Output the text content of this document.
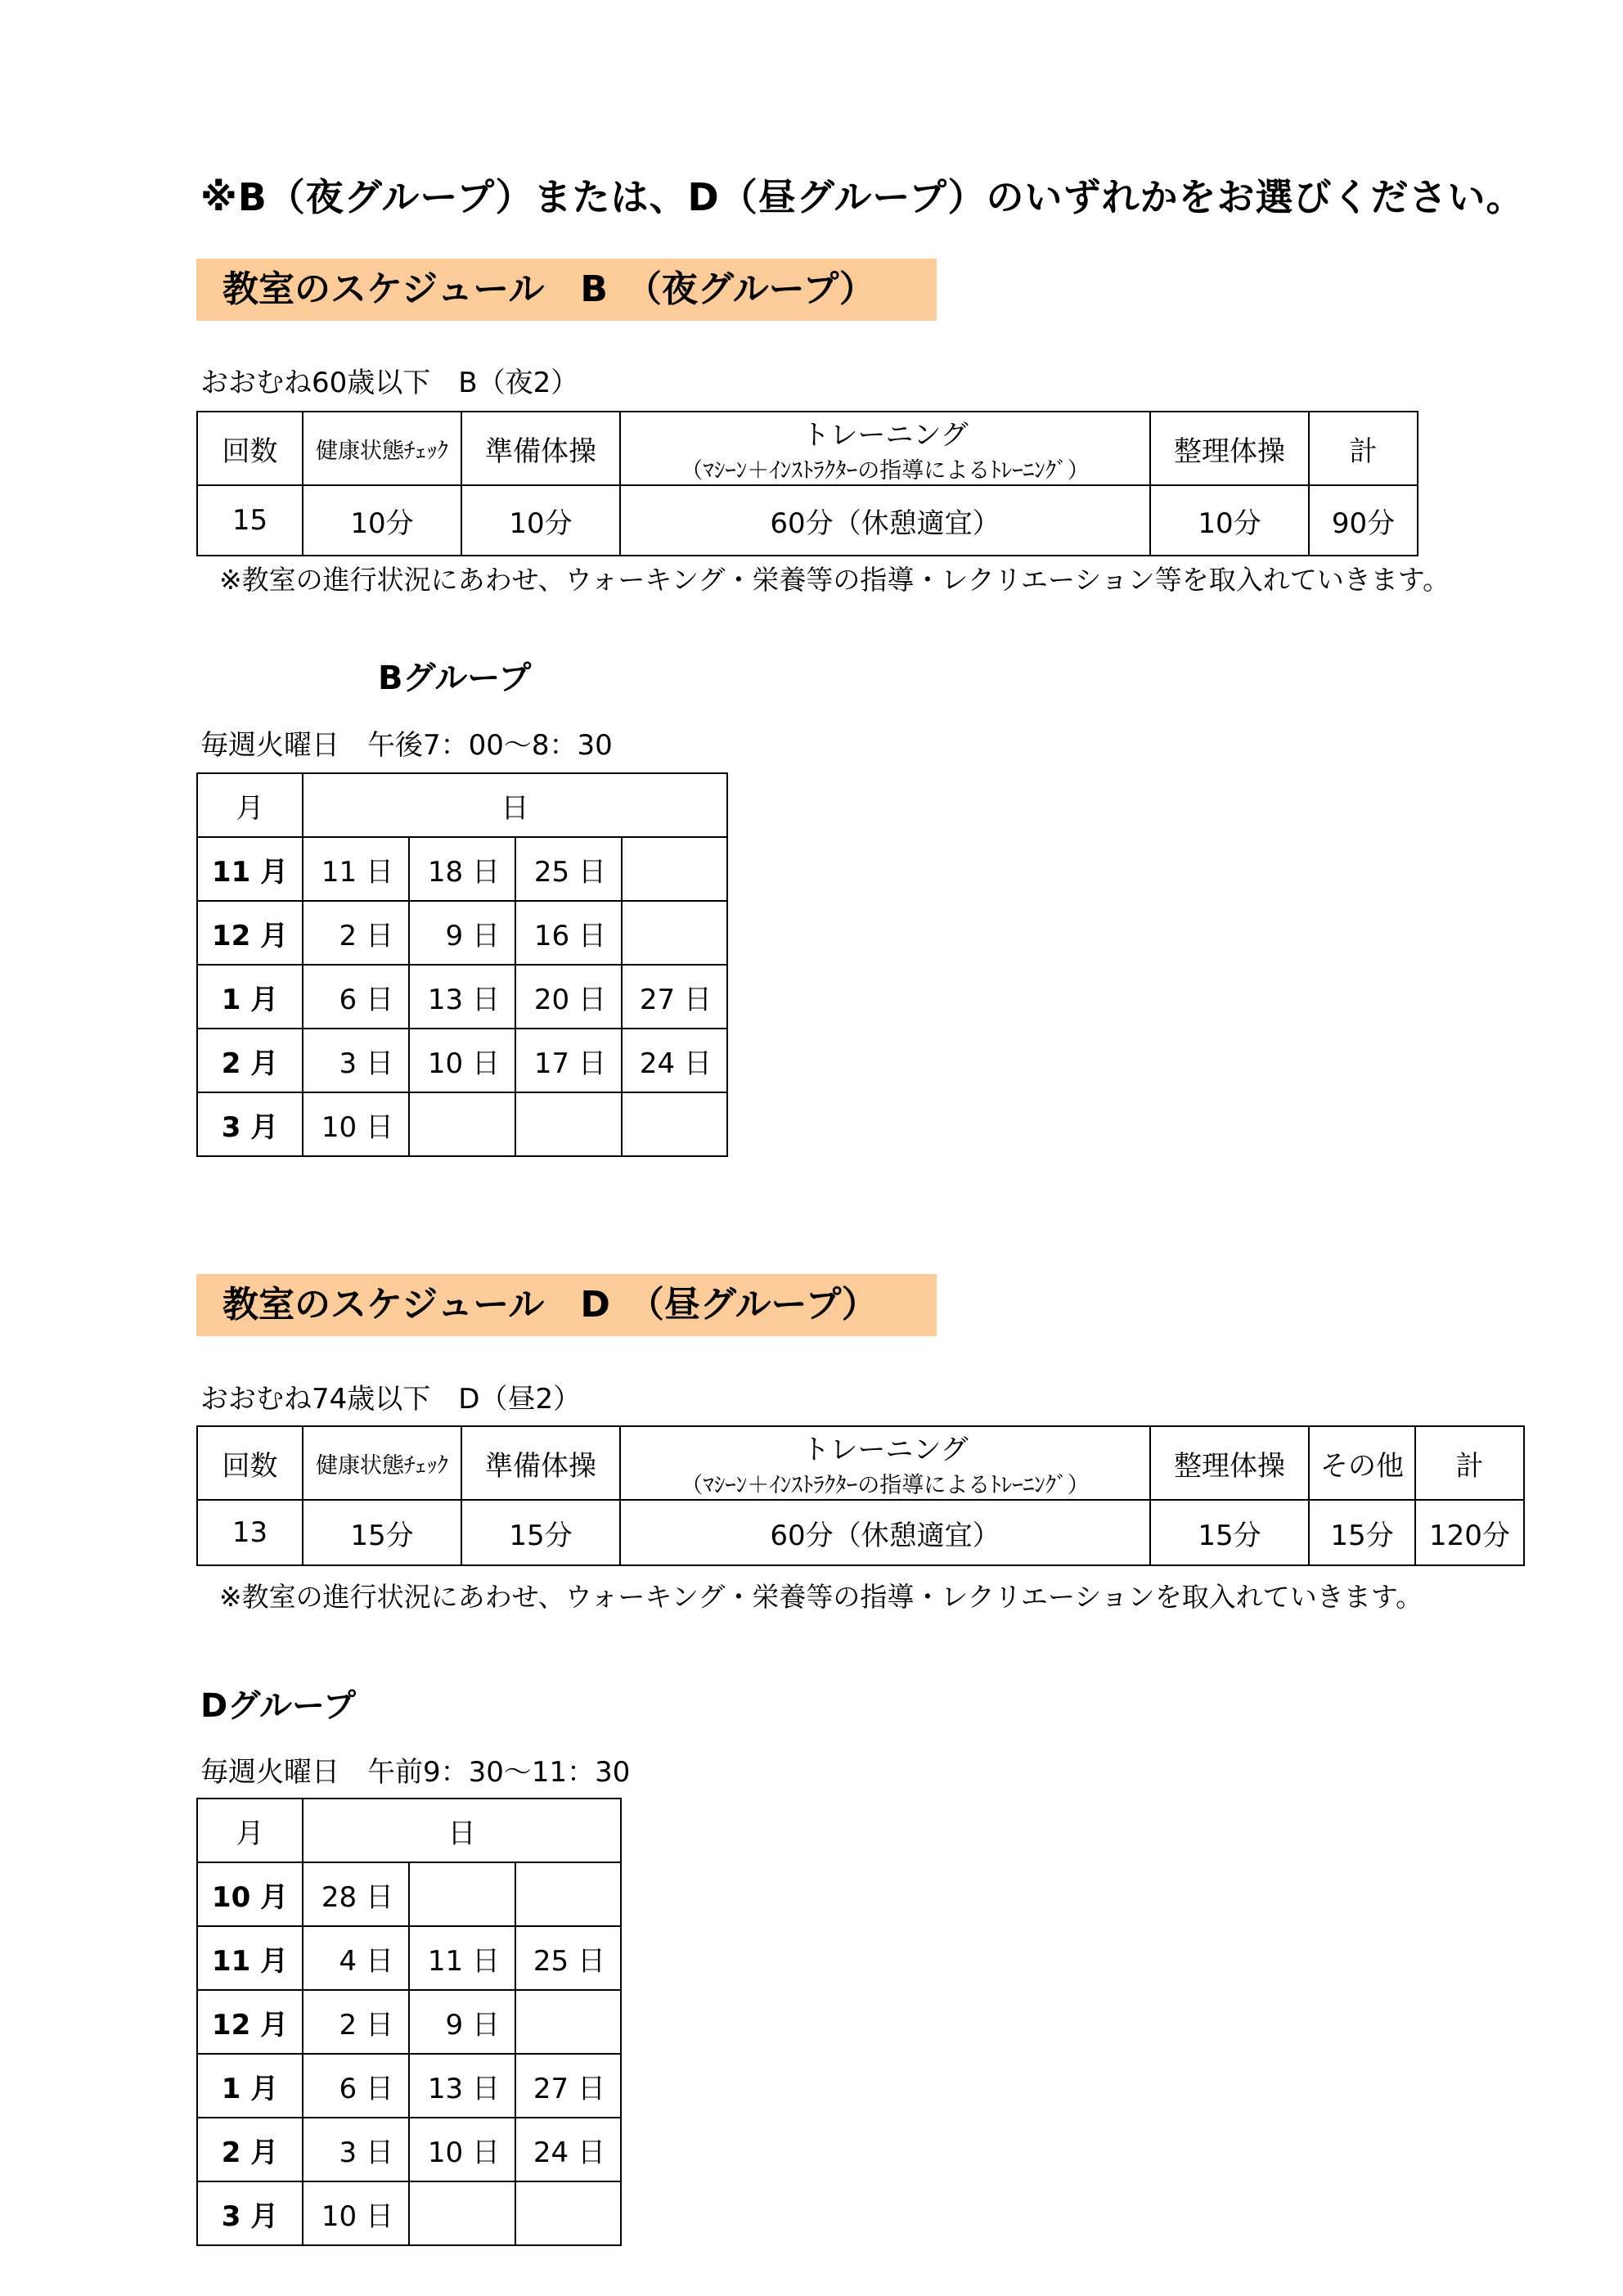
※B（夜グループ）または、D（昼グループ）のいずれかをお選びください。
教室のスケジュール　B　（夜グループ）
おおむね60歳以下　B（夜2）
回数	健康状態ﾁｪｯｸ	準備体操	トレーニング
（ﾏｼｰﾝ＋ｲﾝｽﾄﾗｸﾀｰの指導によるﾄﾚｰﾆﾝｸﾞ）	整理体操	計
15	10分	10分	60分（休憩適宜）	10分	90分
※教室の進行状況にあわせ、ウォーキング・栄養等の指導・レクリエーション等を取入れていきます。
Bグループ
毎週火曜日　午後7：00～8：30
月	日			
11 月	11 日	18 日	25 日	
12 月	2 日	9 日	16 日	
1 月	6 日	13 日	20 日	27 日
2 月	3 日	10 日	17 日	24 日
3 月	10 日			
教室のスケジュール　D　（昼グループ）
おおむね74歳以下　D（昼2）
回数	健康状態ﾁｪｯｸ	準備体操	トレーニング
（ﾏｼｰﾝ＋ｲﾝｽﾄﾗｸﾀｰの指導によるﾄﾚｰﾆﾝｸﾞ）	整理体操	その他	計
13	15分	15分	60分（休憩適宜）	15分	15分	120分
※教室の進行状況にあわせ、ウォーキング・栄養等の指導・レクリエーションを取入れていきます。
Dグループ
毎週火曜日　午前9：30～11：30
月	日		
10 月	28 日		
11 月	4 日	11 日	25 日
12 月	2 日	9 日	
1 月	6 日	13 日	27 日
2 月	3 日	10 日	24 日
3 月	10 日		
